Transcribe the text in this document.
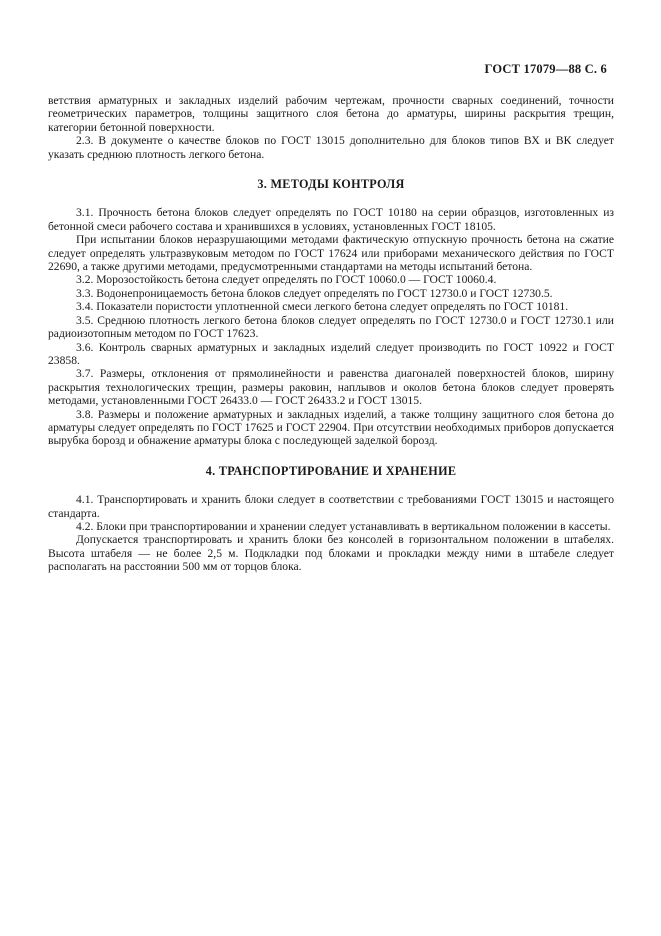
ГОСТ 17079—88 С. 6

ветствия арматурных и закладных изделий рабочим чертежам, прочности сварных соединений, точности геометрических параметров, толщины защитного слоя бетона до арматуры, ширины раскрытия трещин, категории бетонной поверхности.

2.3. В документе о качестве блоков по ГОСТ 13015 дополнительно для блоков типов ВХ и ВК следует указать среднюю плотность легкого бетона.

3. МЕТОДЫ КОНТРОЛЯ

3.1. Прочность бетона блоков следует определять по ГОСТ 10180 на серии образцов, изготовленных из бетонной смеси рабочего состава и хранившихся в условиях, установленных ГОСТ 18105.

При испытании блоков неразрушающими методами фактическую отпускную прочность бетона на сжатие следует определять ультразвуковым методом по ГОСТ 17624 или приборами механического действия по ГОСТ 22690, а также другими методами, предусмотренными стандартами на методы испытаний бетона.

3.2. Морозостойкость бетона следует определять по ГОСТ 10060.0 — ГОСТ 10060.4.

3.3. Водонепроницаемость бетона блоков следует определять по ГОСТ 12730.0 и ГОСТ 12730.5.

3.4. Показатели пористости уплотненной смеси легкого бетона следует определять по ГОСТ 10181.

3.5. Среднюю плотность легкого бетона блоков следует определять по ГОСТ 12730.0 и ГОСТ 12730.1 или радиоизотопным методом по ГОСТ 17623.

3.6. Контроль сварных арматурных и закладных изделий следует производить по ГОСТ 10922 и ГОСТ 23858.

3.7. Размеры, отклонения от прямолинейности и равенства диагоналей поверхностей блоков, ширину раскрытия технологических трещин, размеры раковин, наплывов и околов бетона блоков следует проверять методами, установленными ГОСТ 26433.0 — ГОСТ 26433.2 и ГОСТ 13015.

3.8. Размеры и положение арматурных и закладных изделий, а также толщину защитного слоя бетона до арматуры следует определять по ГОСТ 17625 и ГОСТ 22904. При отсутствии необходимых приборов допускается вырубка борозд и обнажение арматуры блока с последующей заделкой борозд.

4. ТРАНСПОРТИРОВАНИЕ И ХРАНЕНИЕ

4.1. Транспортировать и хранить блоки следует в соответствии с требованиями ГОСТ 13015 и настоящего стандарта.

4.2. Блоки при транспортировании и хранении следует устанавливать в вертикальном положении в кассеты.

Допускается транспортировать и хранить блоки без консолей в горизонтальном положении в штабелях. Высота штабеля — не более 2,5 м. Подкладки под блоками и прокладки между ними в штабеле следует располагать на расстоянии 500 мм от торцов блока.
